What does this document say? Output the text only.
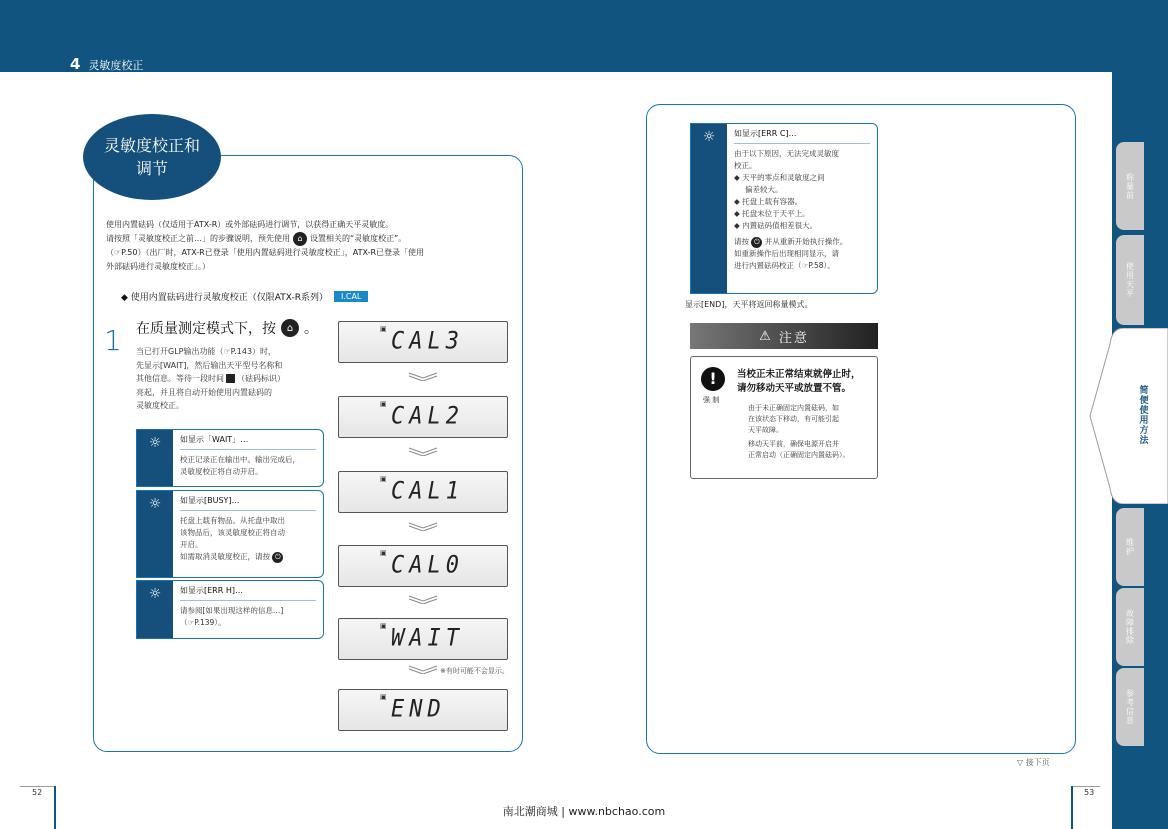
4 灵敏度校正
灵敏度校正和
调节
使用内置砝码（仅适用于ATX-R）或外部砝码进行调节，以获得正确天平灵敏度。
请按照「灵敏度校正之前…」的步骤说明，预先使用 ⌂ 设置相关的“灵敏度校正”。
（☞P.50）（出厂时，ATX-R已登录「使用内置砝码进行灵敏度校正」，ATX-R已登录「使用
外部砝码进行灵敏度校正」。）
◆ 使用内置砝码进行灵敏度校正（仅限ATX-R系列）	I.CAL
1 在质量测定模式下，按	⌂ 。
当已打开GLP输出功能（☞P.143）时，
先显示[WAIT]，然后输出天平型号名称和
其他信息。等待一段时间 （砝码标识）
亮起，并且将自动开始使用内置砝码的
灵敏度校正。
☼	如显示「WAIT」…
校正记录正在输出中。输出完成后，
灵敏度校正将自动开启。
☼	如显示[BUSY]…
托盘上载有物品。从托盘中取出
该物品后，该灵敏度校正将自动
开启。
如需取消灵敏度校正，请按 ⏻
☼	如显示[ERR H]…
请参阅[如果出现这样的信息…]
（☞P.139）。
▣ CAL3
▣ CAL2
▣ CAL1
▣ CAL0
▣ WAIT
※有时可能不会显示。
▣ END
☼	如显示[ERR C]…
由于以下原因，无法完成灵敏度
校正。
◆ 天平的零点和灵敏度之间
偏差较大。
◆ 托盘上载有容器。
◆ 托盘未位于天平上。
◆ 内置砝码值相差很大。
请按 ⏻ 并从重新开始执行操作。
如重新操作后出现相同显示，请
进行内置砝码校正（☞P.58）。
显示[END]，天平将返回称量模式。
⚠ 注意
!
强 制
当校正未正常结束就停止时，
请勿移动天平或放置不管。
由于未正确固定内置砝码，如
在该状态下移动，有可能引起
天平故障。
移动天平前，确保电源开启并
正常启动（正确固定内置砝码）。
称量前
使用天平
简便使用方法
维护
故障排除
参考信息
▽ 接下页
52	53
南北潮商城 | www.nbchao.com
